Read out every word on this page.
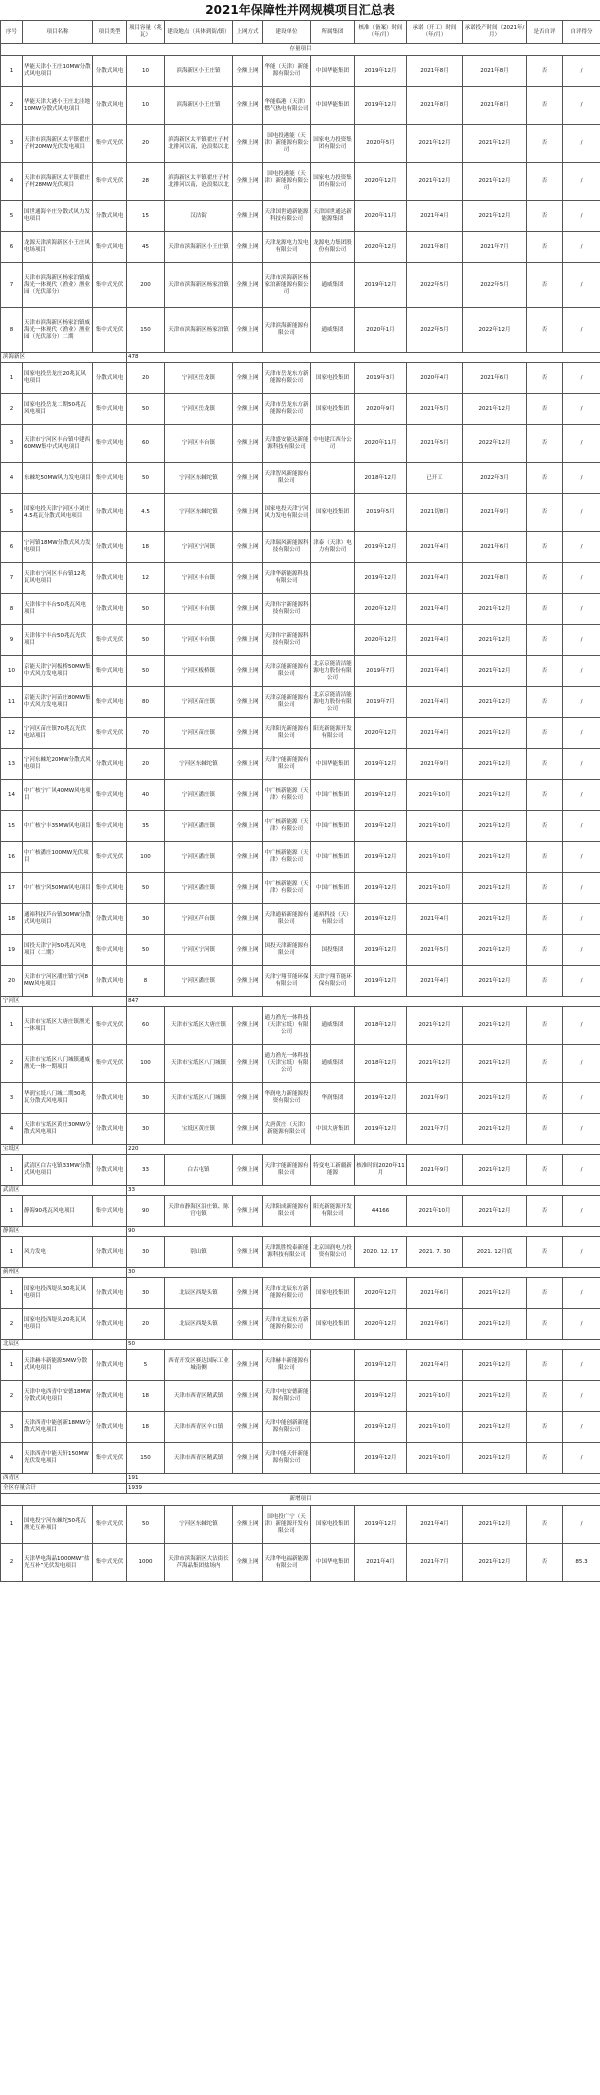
2021年保障性并网规模项目汇总表
序号	项目名称	项目类型	项目容量（兆瓦）	建设地点（具体到街/镇）	上网方式	建设单位	所属集团	核准（备案）时间（年/月）	承诺（开工）时间（年/月）	承诺投产时间（2021年/月）	是否自评	自评得分
存量项目												
1	华能天津小王庄10MW分散式风电项目	分散式风电	10	滨海新区小王庄镇	全额上网	华能（天津）新能源有限公司	中国华能集团	2019年12月	2021年8月	2021年8月	否	/
2	华能天津大港小王庄北洼地10MW分散式风电项目	分散式风电	10	滨海新区小王庄镇	全额上网	华能临港（天津）燃气热电有限公司	中国华能集团	2019年12月	2021年8月	2021年8月	否	/
3	天津市滨海新区太平镇翟庄子村20MW光伏发电项目	集中式光伏	20	滨海新区太平镇翟庄子村北排河以南，沧浪渠以北	全额上网	国电投港能（天津）新能源有限公司	国家电力投资集团有限公司	2020年5月	2021年12月	2021年12月	否	/
4	天津市滨海新区太平镇翟庄子村28MW光伏项目	集中式光伏	28	滨海新区太平镇翟庄子村北排河以南，沧浪渠以北	全额上网	国电投港能（天津）新能源有限公司	国家电力投资集团有限公司	2020年12月	2021年12月	2021年12月	否	/
5	国世通海辛庄分散式风力发电项目	分散式风电	15	汉沽街	全额上网	天津国世通新能源科技有限公司	天津国世通达新能源集团	2020年11月	2021年4月	2021年12月	否	/
6	龙源天津滨海新区小王庄风电场项目	集中式风电	45	天津市滨海新区小王庄镇	全额上网	天津龙源电力发电有限公司	龙源电力集团股份有限公司	2020年12月	2021年8月	2021年7月	否	/
7	天津市滨海新区杨家泊镇威海光一体现代（渔业）渔业园（光伏部分）	集中式光伏	200	天津市滨海新区杨家泊镇	全额上网	天津市滨海新区杨家泊新能源有限公司	通威集团	2019年12月	2022年5月	2022年5月	否	/
8	天津市滨海新区杨家泊镇威海光一体现代（渔业）渔业园（光伏部分）二期	集中式光伏	150	天津市滨海新区杨家泊镇	全额上网	天津滨海新能源有限公司	通威集团	2020年1月	2022年5月	2022年12月	否	/
滨海新区			478									
1	国家电投岳龙庄20兆瓦风电项目	分散式风电	20	宁河区岳龙镇	全额上网	天津市岳龙东方新能源有限公司	国家电投集团	2019年3月	2020年4月	2021年6月	否	/
2	国家电投岳龙二期50兆瓦风电项目	集中式风电	50	宁河区岳龙镇	全额上网	天津市岳龙东方新能源有限公司	国家电投集团	2020年9月	2021年5月	2021年12月	否	/
3	天津市宁河区丰台镇中建西60MW集中式风电项目	集中式风电	60	宁河区丰台镇	全额上网	天津盛安能达新能源科技有限公司	中电建江西分公司	2020年11月	2021年5月	2022年12月	否	/
4	东棘坨50MW风力发电项目	集中式风电	50	宁河区东棘坨镇	全额上网	天津智风新能源有限公司		2018年12月	已开工	2022年3月	否	/
5	国家电投天津宁河区小刘庄4.5兆瓦分散式风电项目	分散式风电	4.5	宁河区东棘坨镇	全额上网	国家电投天津宁河风力发电有限公司	国家电投集团	2019年5月	2021切8月	2021年9月	否	/
6	宁河镇18MW分散式风力发电项目	分散式风电	18	宁河区宁河镇	全额上网	天津瑞风新能源科技有限公司	津泰（天津）电力有限公司	2019年12月	2021年4月	2021年6月	否	/
7	天津市宁河区丰台镇12兆瓦风电项目	分散式风电	12	宁河区丰台镇	全额上网	天津华新能源科技有限公司		2019年12月	2021年4月	2021年8月	否	/
8	天津伟宇丰台50兆瓦风电项目	分散式风电	50	宁河区丰台镇	全额上网	天津伟宇新能源科技有限公司		2020年12月	2021年4月	2021年12月	否	/
9	天津伟宇丰台50兆瓦光伏项目	集中式光伏	50	宁河区丰台镇	全额上网	天津伟宇新能源科技有限公司		2020年12月	2021年4月	2021年12月	否	/
10	京能天津宁河板桥50MW集中式风力发电项目	集中式风电	50	宁河区板桥镇	全额上网	天津京能新能源有限公司	北京京能清洁能源电力股份有限公司	2019年7月	2021年4月	2021年12月	否	/
11	京能天津宁河苗庄80MW集中式风力发电项目	集中式风电	80	宁河区苗庄镇	全额上网	天津京能新能源有限公司	北京京能清洁能源电力股份有限公司	2019年7月	2021年4月	2021年12月	否	/
12	宁河区苗庄镇70兆瓦光伏电站项目	集中式光伏	70	宁河区苗庄镇	全额上网	天津阳光新能源有限公司	阳光新能源开发有限公司	2020年12月	2021年4月	2021年12月	否	/
13	宁河东棘坨20MW分散式风电项目	分散式风电	20	宁河区东棘坨镇	全额上网	天津宁能新能源有限公司	中国华能集团	2019年12月	2021年9月	2021年12月	否	/
14	中广核宁广风40MW风电项目	集中式风电	40	宁河区潘庄镇	全额上网	中广核新能源（天津）有限公司	中国广核集团	2019年12月	2021年10月	2021年12月	否	/
15	中广核宁丰35MW风电项目	集中式风电	35	宁河区潘庄镇	全额上网	中广核新能源（天津）有限公司	中国广核集团	2019年12月	2021年10月	2021年12月	否	/
16	中广核潘庄100MW光伏项目	集中式光伏	100	宁河区潘庄镇	全额上网	中广核新能源（天津）有限公司	中国广核集团	2019年12月	2021年10月	2021年12月	否	/
17	中广核宁风50MW风电项目	集中式风电	50	宁河区潘庄镇	全额上网	中广核新能源（天津）有限公司	中国广核集团	2019年12月	2021年10月	2021年12月	否	/
18	通裕科技芦台镇30MW分散式风电项目	分散式风电	30	宁河区芦台镇	全额上网	天津通裕新能源有限公司	通裕科技（天）有限公司	2019年12月	2021年4月	2021年12月	否	/
19	国投天津宁河50兆瓦风电项目（二期）	集中式风电	50	宁河区宁河镇	全额上网	国投天津新能源有限公司	国投集团	2019年12月	2021年5月	2021年12月	否	/
20	天津市宁河区潘庄镇宁河8MW风电项目	分散式风电	8	宁河区潘庄镇	全额上网	天津宁翔节能环保有限公司	天津宁翔节能环保有限公司	2019年12月	2021年4月	2021年12月	否	/
宁河区			847									
1	天津市宝坻区大唐庄镇渔光一体项目	集中式光伏	60	天津市宝坻区大唐庄镇	全额上网	通力渔光一体科技（天津宝坻）有限公司	通威集团	2018年12月	2021年12月	2021年12月	否	/
2	天津市宝坻区八门城镇通威渔光一体一期项目	集中式光伏	100	天津市宝坻区八门城镇	全额上网	通力渔光一体科技（天津宝坻）有限公司	通威集团	2018年12月	2021年12月	2021年12月	否	/
3	华润宝坻八门城二期30兆瓦分散式风电项目	分散式风电	30	天津市宝坻区八门城镇	全额上网	华润电力新能源投资有限公司	华润集团	2019年12月	2021年9月	2021年12月	否	/
4	天津市宝坻区黄庄30MW分散式风电项目	分散式风电	30	宝坻区黄庄镇	全额上网	大唐黄庄（天津）新能源有限公司	中国大唐集团	2019年12月	2021年7月	2021年12月	否	/
宝坻区			220									
1	武清区白古屯镇33MW分散式风电项目	分散式风电	33	白古屯镇	全额上网	天津宇能新能源有限公司	特变电工新疆新能源	核准时间2020年11月	2021年9月	2021年12月	否	/
武清区			33									
1	静海90兆瓦风电项目	集中式风电	90	天津市静海区沿庄镇、陈官屯镇	全额上网	天津阳成新能源有限公司	阳光新能源开发有限公司	44166	2021年10月	2021年12月	否	/
静海区			90									
1	风力发电	分散式风电	30	别山镇	全额上网	天津凯胜悦泰新能源科技有限公司	北京国润电力投资有限公司	2020. 12. 17	2021. 7. 30	2021. 12月底	否	/
蓟州区			30									
1	国家电投西堤头30兆瓦风电项目	分散式风电	30	北辰区西堤头镇	全额上网	天津市北辰东方新能源有限公司	国家电投集团	2020年12月	2021年6月	2021年12月	否	/
2	国家电投西堤头20兆瓦风电项目	分散式风电	20	北辰区西堤头镇	全额上网	天津市北辰东方新能源有限公司	国家电投集团	2020年12月	2021年6月	2021年12月	否	/
北辰区			50									
1	天津赫丰新能源5MW分散式风电项目	分散式风电	5	西青开发区赛达国际工业城南侧	全额上网	天津赫丰新能源有限公司		2019年12月	2021年4月	2021年12月	否	/
2	天津中电西青中安德18MW分散式风电项目	分散式风电	18	天津市西青区精武镇	全额上网	天津中电安德新能源有限公司		2019年12月	2021年10月	2021年12月	否	/
3	天津西青中能创新18MW分散式风电项目	分散式风电	18	天津市西青区辛口镇	全额上网	天津中能创新新能源有限公司		2019年12月	2021年10月	2021年12月	否	/
4	天津西青中能天轩150MW光伏发电项目	集中式光伏	150	天津市西青区精武镇	全额上网	天津中能天轩新能源有限公司		2019年12月	2021年10月	2021年12月	否	/
西青区			191									
全区存量合计			1939									
新增项目												
1	国电投宁河东棘坨50兆瓦渔光互补项目	集中式光伏	50	宁河区东棘坨镇	全额上网	国电投广宁（天津）新能源开发有限公司	国家电投集团	2019年12月	2021年4月	2021年12月	否	/
2	天津华电海晶1000MW“盐光互补”光伏发电项目	集中式光伏	1000	天津市滨海新区大沽街长芦海晶集团盐场内	全额上网	天津华电福新能源有限公司	中国华电集团	2021年4月	2021年7月	2021年12月	否	85.3
